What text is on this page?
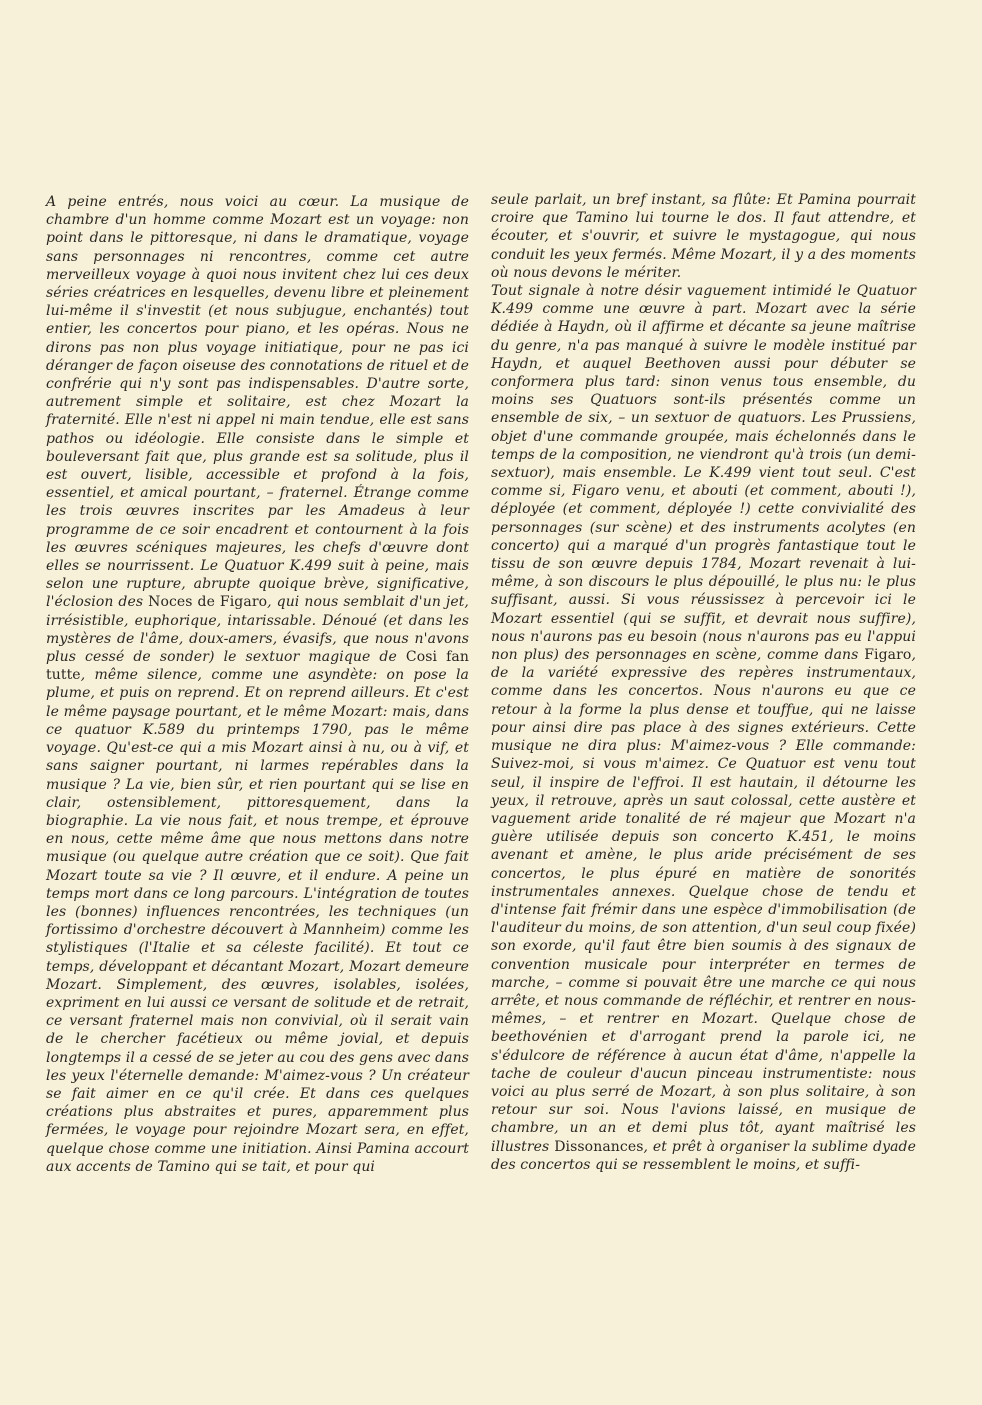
A peine entrés, nous voici au cœur. La musique de chambre d'un homme comme Mozart est un voyage: non point dans le pittoresque, ni dans le dramatique, voyage sans personnages ni rencontres, comme cet autre merveilleux voyage à quoi nous invitent chez lui ces deux séries créatrices en lesquelles, devenu libre et pleinement lui-même il s'investit (et nous subjugue, enchantés) tout entier, les concertos pour piano, et les opéras. Nous ne dirons pas non plus voyage initiatique, pour ne pas ici déranger de façon oiseuse des connotations de rituel et de confrérie qui n'y sont pas indispensables. D'autre sorte, autrement simple et solitaire, est chez Mozart la fraternité. Elle n'est ni appel ni main tendue, elle est sans pathos ou idéologie. Elle consiste dans le simple et bouleversant fait que, plus grande est sa solitude, plus il est ouvert, lisible, accessible et profond à la fois, essentiel, et amical pourtant, – fraternel. Étrange comme les trois œuvres inscrites par les Amadeus à leur programme de ce soir encadrent et contournent à la fois les œuvres scéniques majeures, les chefs d'œuvre dont elles se nourrissent. Le Quatuor K.499 suit à peine, mais selon une rupture, abrupte quoique brève, significative, l'éclosion des Noces de Figaro, qui nous semblait d'un jet, irrésistible, euphorique, intarissable. Dénoué (et dans les mystères de l'âme, doux-amers, évasifs, que nous n'avons plus cessé de sonder) le sextuor magique de Cosi fan tutte, même silence, comme une asyndète: on pose la plume, et puis on reprend. Et on reprend ailleurs. Et c'est le même paysage pourtant, et le même Mozart: mais, dans ce quatuor K.589 du printemps 1790, pas le même voyage. Qu'est-ce qui a mis Mozart ainsi à nu, ou à vif, et sans saigner pourtant, ni larmes repérables dans la musique ? La vie, bien sûr, et rien pourtant qui se lise en clair, ostensiblement, pittoresquement, dans la biographie. La vie nous fait, et nous trempe, et éprouve en nous, cette même âme que nous mettons dans notre musique (ou quelque autre création que ce soit). Que fait Mozart toute sa vie ? Il œuvre, et il endure. A peine un temps mort dans ce long parcours. L'intégration de toutes les (bonnes) influences rencontrées, les techniques (un fortissimo d'orchestre découvert à Mannheim) comme les stylistiques (l'Italie et sa céleste facilité). Et tout ce temps, développant et décantant Mozart, Mozart demeure Mozart. Simplement, des œuvres, isolables, isolées, expriment en lui aussi ce versant de solitude et de retrait, ce versant fraternel mais non convivial, où il serait vain de le chercher facétieux ou même jovial, et depuis longtemps il a cessé de se jeter au cou des gens avec dans les yeux l'éternelle demande: M'aimez-vous ? Un créateur se fait aimer en ce qu'il crée. Et dans ces quelques créations plus abstraites et pures, apparemment plus fermées, le voyage pour rejoindre Mozart sera, en effet, quelque chose comme une initiation. Ainsi Pamina accourt aux accents de Tamino qui se tait, et pour qui

seule parlait, un bref instant, sa flûte: Et Pamina pourrait croire que Tamino lui tourne le dos. Il faut attendre, et écouter, et s'ouvrir, et suivre le mystagogue, qui nous conduit les yeux fermés. Même Mozart, il y a des moments où nous devons le mériter.

Tout signale à notre désir vaguement intimidé le Quatuor K.499 comme une œuvre à part. Mozart avec la série dédiée à Haydn, où il affirme et décante sa jeune maîtrise du genre, n'a pas manqué à suivre le modèle institué par Haydn, et auquel Beethoven aussi pour débuter se conformera plus tard: sinon venus tous ensemble, du moins ses Quatuors sont-ils présentés comme un ensemble de six, – un sextuor de quatuors. Les Prussiens, objet d'une commande groupée, mais échelonnés dans le temps de la composition, ne viendront qu'à trois (un demi-sextuor), mais ensemble. Le K.499 vient tout seul. C'est comme si, Figaro venu, et abouti (et comment, abouti !), déployée (et comment, déployée !) cette convivialité des personnages (sur scène) et des instruments acolytes (en concerto) qui a marqué d'un progrès fantastique tout le tissu de son œuvre depuis 1784, Mozart revenait à lui-même, à son discours le plus dépouillé, le plus nu: le plus suffisant, aussi. Si vous réussissez à percevoir ici le Mozart essentiel (qui se suffit, et devrait nous suffire), nous n'aurons pas eu besoin (nous n'aurons pas eu l'appui non plus) des personnages en scène, comme dans Figaro, de la variété expressive des repères instrumentaux, comme dans les concertos. Nous n'aurons eu que ce retour à la forme la plus dense et touffue, qui ne laisse pour ainsi dire pas place à des signes extérieurs. Cette musique ne dira plus: M'aimez-vous ? Elle commande: Suivez-moi, si vous m'aimez. Ce Quatuor est venu tout seul, il inspire de l'effroi. Il est hautain, il détourne les yeux, il retrouve, après un saut colossal, cette austère et vaguement aride tonalité de ré majeur que Mozart n'a guère utilisée depuis son concerto K.451, le moins avenant et amène, le plus aride précisément de ses concertos, le plus épuré en matière de sonorités instrumentales annexes. Quelque chose de tendu et d'intense fait frémir dans une espèce d'immobilisation (de l'auditeur du moins, de son attention, d'un seul coup fixée) son exorde, qu'il faut être bien soumis à des signaux de convention musicale pour interpréter en termes de marche, – comme si pouvait être une marche ce qui nous arrête, et nous commande de réfléchir, et rentrer en nous-mêmes, – et rentrer en Mozart. Quelque chose de beethovénien et d'arrogant prend la parole ici, ne s'édulcore de référence à aucun état d'âme, n'appelle la tache de couleur d'aucun pinceau instrumentiste: nous voici au plus serré de Mozart, à son plus solitaire, à son retour sur soi. Nous l'avions laissé, en musique de chambre, un an et demi plus tôt, ayant maîtrisé les illustres Dissonances, et prêt à organiser la sublime dyade des concertos qui se ressemblent le moins, et suffi-
